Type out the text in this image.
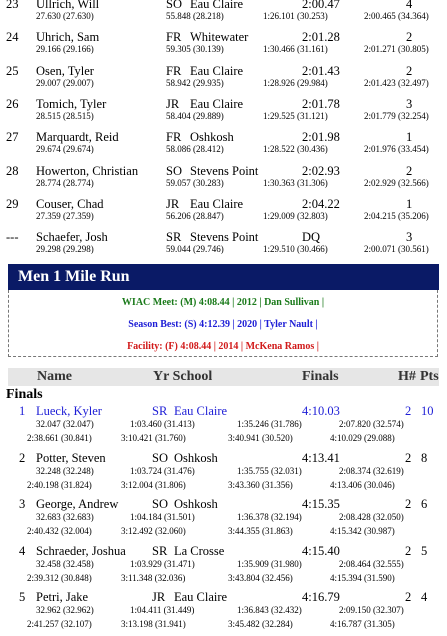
23 Ullrich, Will	SO Eau Claire	2:00.47	4
27.630 (27.630)	55.848 (28.218)	1:26.101 (30.253)	2:00.465 (34.364)
24 Uhrich, Sam	FR Whitewater	2:01.28	2
29.166 (29.166)	59.305 (30.139)	1:30.466 (31.161)	2:01.271 (30.805)
25 Osen, Tyler	FR Eau Claire	2:01.43	2
29.007 (29.007)	58.942 (29.935)	1:28.926 (29.984)	2:01.423 (32.497)
26 Tomich, Tyler	JR Eau Claire	2:01.78	3
28.515 (28.515)	58.404 (29.889)	1:29.525 (31.121)	2:01.779 (32.254)
27 Marquardt, Reid	FR Oshkosh	2:01.98	1
29.674 (29.674)	58.086 (28.412)	1:28.522 (30.436)	2:01.976 (33.454)
28 Howerton, Christian SO Stevens Point	2:02.93	2
28.774 (28.774)	59.057 (30.283)	1:30.363 (31.306)	2:02.929 (32.566)
29 Couser, Chad	JR Eau Claire	2:04.22	1
27.359 (27.359)	56.206 (28.847)	1:29.009 (32.803)	2:04.215 (35.206)
--- Schaefer, Josh	SR Stevens Point	DQ	3
29.298 (29.298)	59.044 (29.746)	1:29.510 (30.466)	2:00.071 (30.561)
Men 1 Mile Run
WIAC Meet: (M) 4:08.44 | 2012 | Dan Sullivan |
Season Best: (S) 4:12.39 | 2020 | Tyler Nault |
Facility: (F) 4:08.44 | 2014 | McKena Ramos |
Name	Yr School	Finals	H# Pts
Finals
1 Lueck, Kyler	SR Eau Claire	4:10.03	2 10
32.047 (32.047)	1:03.460 (31.413)	1:35.246 (31.786)	2:07.820 (32.574)
2:38.661 (30.841)	3:10.421 (31.760)	3:40.941 (30.520)	4:10.029 (29.088)
2 Potter, Steven	SO Oshkosh	4:13.41	2 8
32.248 (32.248)	1:03.724 (31.476)	1:35.755 (32.031)	2:08.374 (32.619)
2:40.198 (31.824)	3:12.004 (31.806)	3:43.360 (31.356)	4:13.406 (30.046)
3 George, Andrew	SO Oshkosh	4:15.35	2 6
32.683 (32.683)	1:04.184 (31.501)	1:36.378 (32.194)	2:08.428 (32.050)
2:40.432 (32.004)	3:12.492 (32.060)	3:44.355 (31.863)	4:15.342 (30.987)
4 Schraeder, Joshua SR La Crosse	4:15.40	2 5
32.458 (32.458)	1:03.929 (31.471)	1:35.909 (31.980)	2:08.464 (32.555)
2:39.312 (30.848)	3:11.348 (32.036)	3:43.804 (32.456)	4:15.394 (31.590)
5 Petri, Jake	JR Eau Claire	4:16.79	2 4
32.962 (32.962)	1:04.411 (31.449)	1:36.843 (32.432)	2:09.150 (32.307)
2:41.257 (32.107)	3:13.198 (31.941)	3:45.482 (32.284)	4:16.787 (31.305)
